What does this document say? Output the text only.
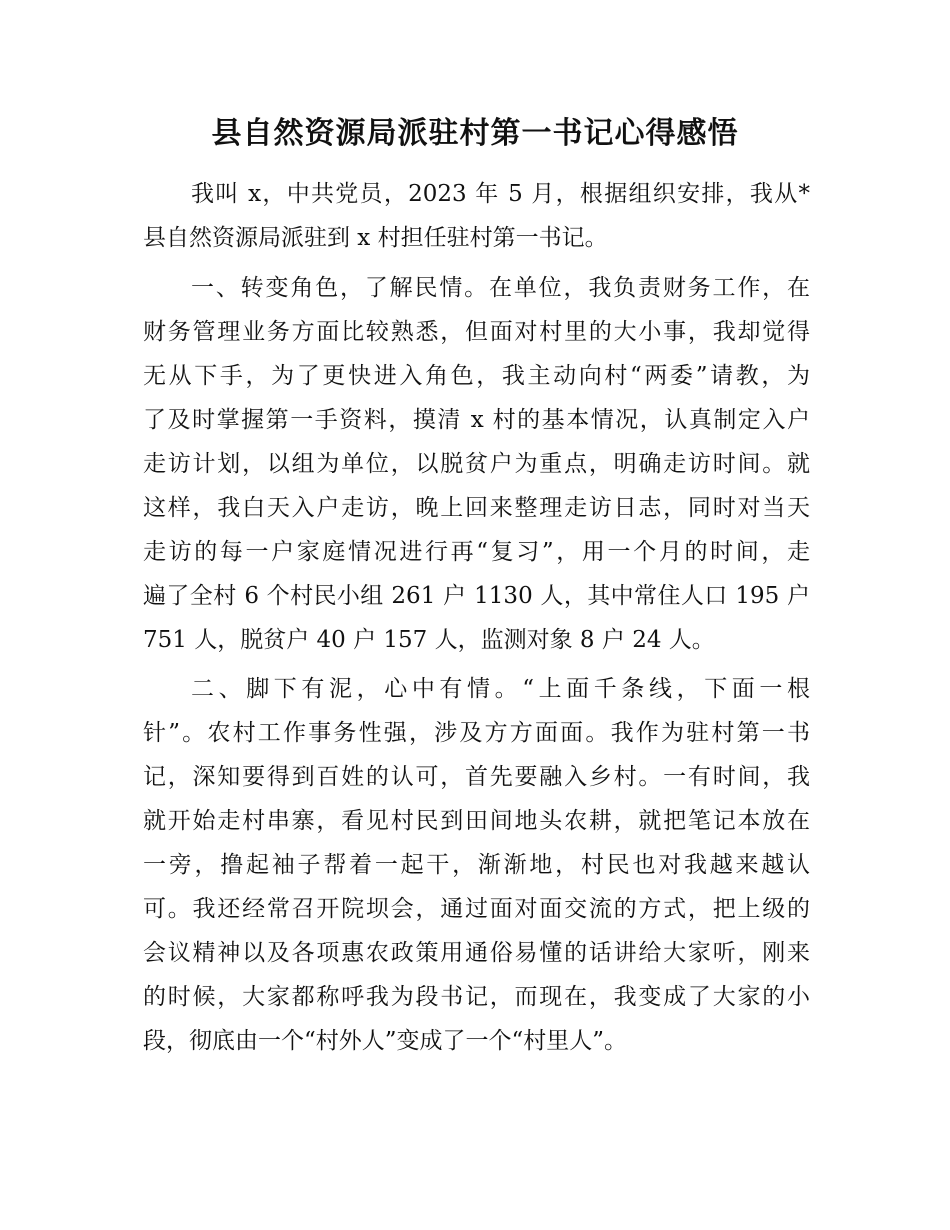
县自然资源局派驻村第一书记心得感悟

我叫 x，中共党员，2023 年 5 月，根据组织安排，我从*

县自然资源局派驻到 x 村担任驻村第一书记。

一、转变角色，了解民情。在单位，我负责财务工作，在

财务管理业务方面比较熟悉，但面对村里的大小事，我却觉得

无从下手，为了更快进入角色，我主动向村“两委”请教，为

了及时掌握第一手资料，摸清 x 村的基本情况，认真制定入户

走访计划，以组为单位，以脱贫户为重点，明确走访时间。就

这样，我白天入户走访，晚上回来整理走访日志，同时对当天

走访的每一户家庭情况进行再“复习”，用一个月的时间，走

遍了全村 6 个村民小组 261 户 1130 人，其中常住人口 195 户

751 人，脱贫户 40 户 157 人，监测对象 8 户 24 人。

二、脚下有泥，心中有情。“上面千条线，下面一根

针”。农村工作事务性强，涉及方方面面。我作为驻村第一书

记，深知要得到百姓的认可，首先要融入乡村。一有时间，我

就开始走村串寨，看见村民到田间地头农耕，就把笔记本放在

一旁，撸起袖子帮着一起干，渐渐地，村民也对我越来越认

可。我还经常召开院坝会，通过面对面交流的方式，把上级的

会议精神以及各项惠农政策用通俗易懂的话讲给大家听，刚来

的时候，大家都称呼我为段书记，而现在，我变成了大家的小

段，彻底由一个“村外人”变成了一个“村里人”。
